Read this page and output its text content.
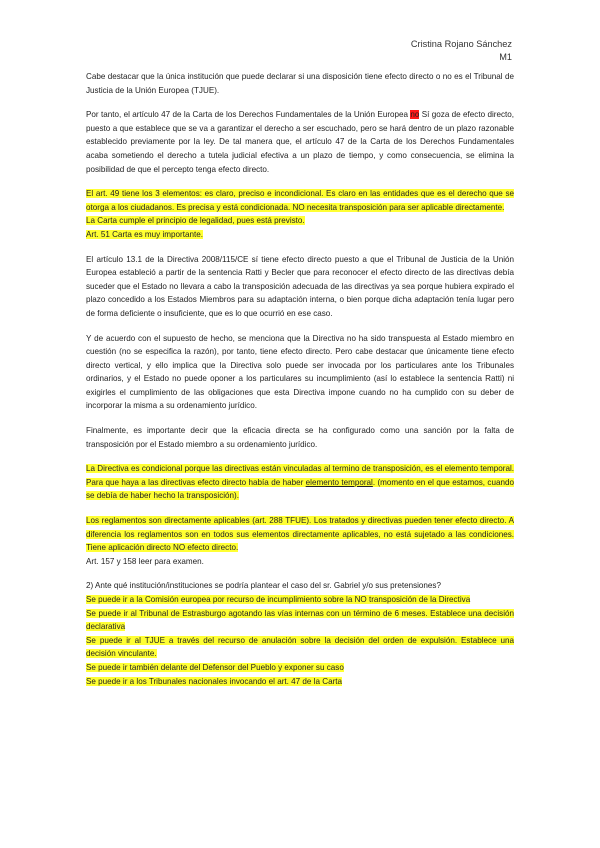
Cristina Rojano Sánchez
M1

Cabe destacar que la única institución que puede declarar si una disposición tiene efecto directo o no es el Tribunal de Justicia de la Unión Europea (TJUE).

Por tanto, el artículo 47 de la Carta de los Derechos Fundamentales de la Unión Europea no Sí goza de efecto directo, puesto a que establece que se va a garantizar el derecho a ser escuchado, pero se hará dentro de un plazo razonable establecido previamente por la ley. De tal manera que, el artículo 47 de la Carta de los Derechos Fundamentales acaba sometiendo el derecho a tutela judicial efectiva a un plazo de tiempo, y como consecuencia, se elimina la posibilidad de que el percepto tenga efecto directo.

El art. 49 tiene los 3 elementos: es claro, preciso e incondicional. Es claro en las entidades que es el derecho que se otorga a los ciudadanos. Es precisa y está condicionada. NO necesita transposición para ser aplicable directamente.
La Carta cumple el principio de legalidad, pues está previsto.
Art. 51 Carta es muy importante.

El artículo 13.1 de la Directiva 2008/115/CE sí tiene efecto directo puesto a que el Tribunal de Justicia de la Unión Europea estableció a partir de la sentencia Ratti y Becler que para reconocer el efecto directo de las directivas debía suceder que el Estado no llevara a cabo la transposición adecuada de las directivas ya sea porque hubiera expirado el plazo concedido a los Estados Miembros para su adaptación interna, o bien porque dicha adaptación tenía lugar pero de forma deficiente o insuficiente, que es lo que ocurrió en ese caso.

Y de acuerdo con el supuesto de hecho, se menciona que la Directiva no ha sido transpuesta al Estado miembro en cuestión (no se especifica la razón), por tanto, tiene efecto directo. Pero cabe destacar que únicamente tiene efecto directo vertical, y ello implica que la Directiva solo puede ser invocada por los particulares ante los Tribunales ordinarios, y el Estado no puede oponer a los particulares su incumplimiento (así lo establece la sentencia Ratti) ni exigirles el cumplimiento de las obligaciones que esta Directiva impone cuando no ha cumplido con su deber de incorporar la misma a su ordenamiento jurídico.

Finalmente, es importante decir que la eficacia directa se ha configurado como una sanción por la falta de transposición por el Estado miembro a su ordenamiento jurídico.

La Directiva es condicional porque las directivas están vinculadas al termino de transposición, es el elemento temporal. Para que haya a las directivas efecto directo había de haber elemento temporal. (momento en el que estamos, cuando se debía de haber hecho la transposición).

Los reglamentos son directamente aplicables (art. 288 TFUE). Los tratados y directivas pueden tener efecto directo. A diferencia los reglamentos son en todos sus elementos directamente aplicables, no está sujetado a las condiciones. Tiene aplicación directo NO efecto directo.
Art. 157 y 158 leer para examen.
2) Ante qué institución/instituciones se podría plantear el caso del sr. Gabriel y/o sus pretensiones?
Se puede ir a la Comisión europea por recurso de incumplimiento sobre la NO transposición de la Directiva
Se puede ir al Tribunal de Estrasburgo agotando las vías internas con un término de 6 meses. Establece una decisión declarativa
Se puede ir al TJUE a través del recurso de anulación sobre la decisión del orden de expulsión. Establece una decisión vinculante.
Se puede ir también delante del Defensor del Pueblo y exponer su caso
Se puede ir a los Tribunales nacionales invocando el art. 47 de la Carta
